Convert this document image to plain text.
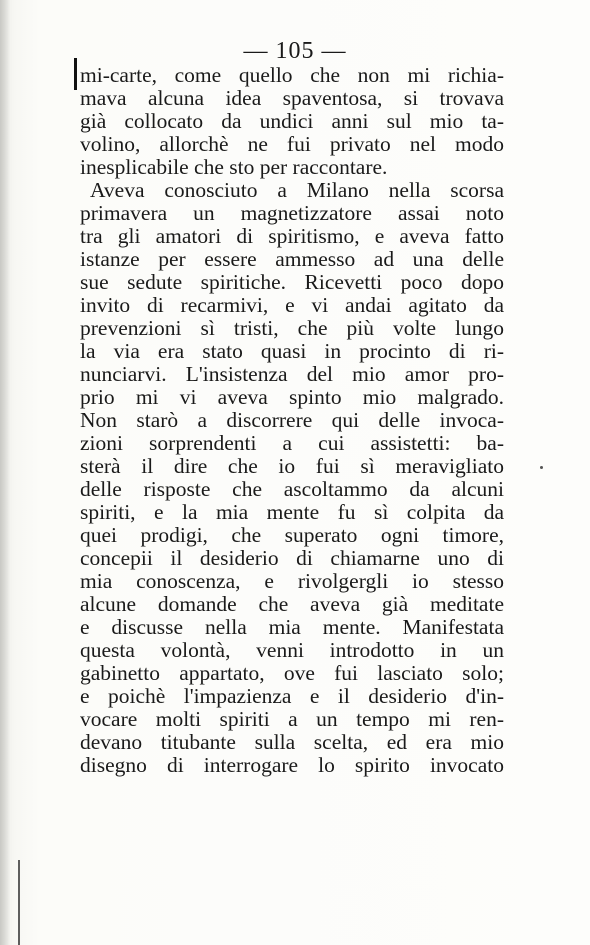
— 105 —
mi-carte, come quello che non mi richia-
mava alcuna idea spaventosa, si trovava
già collocato da undici anni sul mio ta-
volino, allorchè ne fui privato nel modo
inesplicabile che sto per raccontare.
Aveva conosciuto a Milano nella scorsa
primavera un magnetizzatore assai noto
tra gli amatori di spiritismo, e aveva fatto
istanze per essere ammesso ad una delle
sue sedute spiritiche. Ricevetti poco dopo
invito di recarmivi, e vi andai agitato da
prevenzioni sì tristi, che più volte lungo
la via era stato quasi in procinto di ri-
nunciarvi. L'insistenza del mio amor pro-
prio mi vi aveva spinto mio malgrado.
Non starò a discorrere qui delle invoca-
zioni sorprendenti a cui assistetti: ba-
sterà il dire che io fui sì meravigliato
delle risposte che ascoltammo da alcuni
spiriti, e la mia mente fu sì colpita da
quei prodigi, che superato ogni timore,
concepii il desiderio di chiamarne uno di
mia conoscenza, e rivolgergli io stesso
alcune domande che aveva già meditate
e discusse nella mia mente. Manifestata
questa volontà, venni introdotto in un
gabinetto appartato, ove fui lasciato solo;
e poichè l'impazienza e il desiderio d'in-
vocare molti spiriti a un tempo mi ren-
devano titubante sulla scelta, ed era mio
disegno di interrogare lo spirito invocato
